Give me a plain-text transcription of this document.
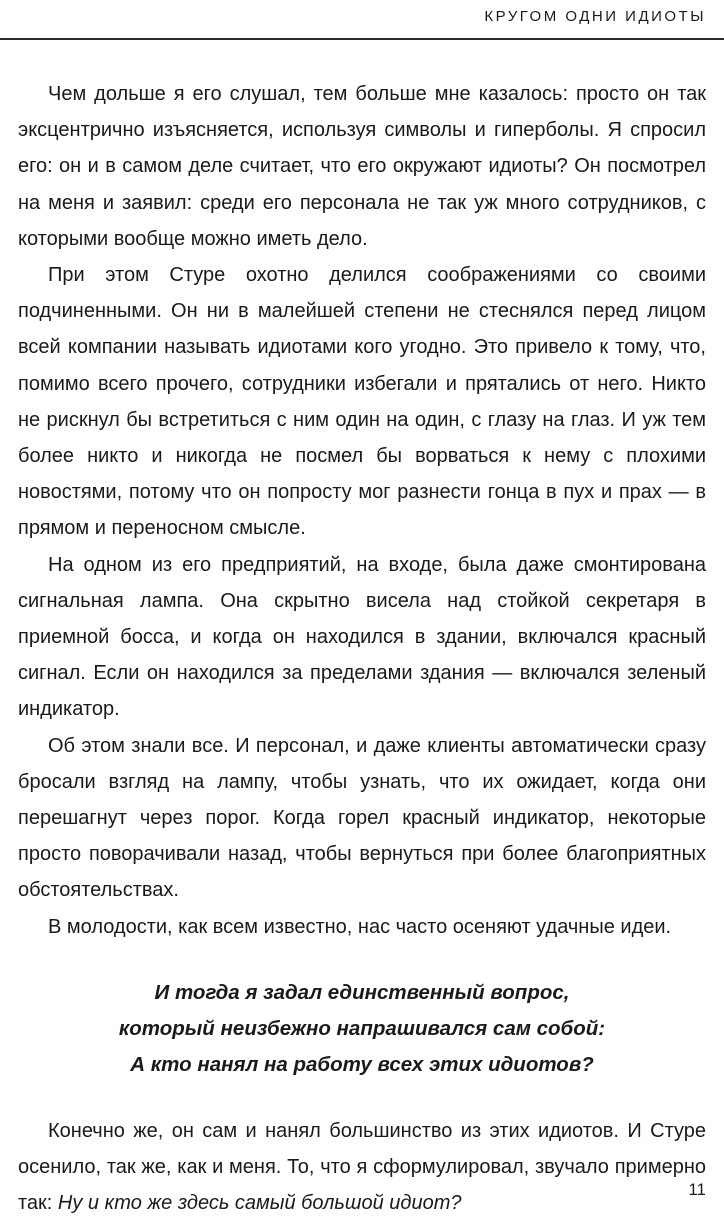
КРУГОМ ОДНИ ИДИОТЫ

Чем дольше я его слушал, тем больше мне казалось: просто он так эксцентрично изъясняется, используя символы и гиперболы. Я спросил его: он и в самом деле считает, что его окружают идиоты? Он посмотрел на меня и заявил: среди его персонала не так уж много сотрудников, с которыми вообще можно иметь дело.

При этом Стуре охотно делился соображениями со своими подчиненными. Он ни в малейшей степени не стеснялся перед лицом всей компании называть идиотами кого угодно. Это привело к тому, что, помимо всего прочего, сотрудники избегали и прятались от него. Никто не рискнул бы встретиться с ним один на один, с глазу на глаз. И уж тем более никто и никогда не посмел бы ворваться к нему с плохими новостями, потому что он попросту мог разнести гонца в пух и прах — в прямом и переносном смысле.

На одном из его предприятий, на входе, была даже смонтирована сигнальная лампа. Она скрытно висела над стойкой секретаря в приемной босса, и когда он находился в здании, включался красный сигнал. Если он находился за пределами здания — включался зеленый индикатор.

Об этом знали все. И персонал, и даже клиенты автоматически сразу бросали взгляд на лампу, чтобы узнать, что их ожидает, когда они перешагнут через порог. Когда горел красный индикатор, некоторые просто поворачивали назад, чтобы вернуться при более благоприятных обстоятельствах.

В молодости, как всем известно, нас часто осеняют удачные идеи.

И тогда я задал единственный вопрос,

который неизбежно напрашивался сам собой:

А кто нанял на работу всех этих идиотов?

Конечно же, он сам и нанял большинство из этих идиотов. И Стуре осенило, так же, как и меня. То, что я сформулировал, звучало примерно так: Ну и кто же здесь самый большой идиот?

11
